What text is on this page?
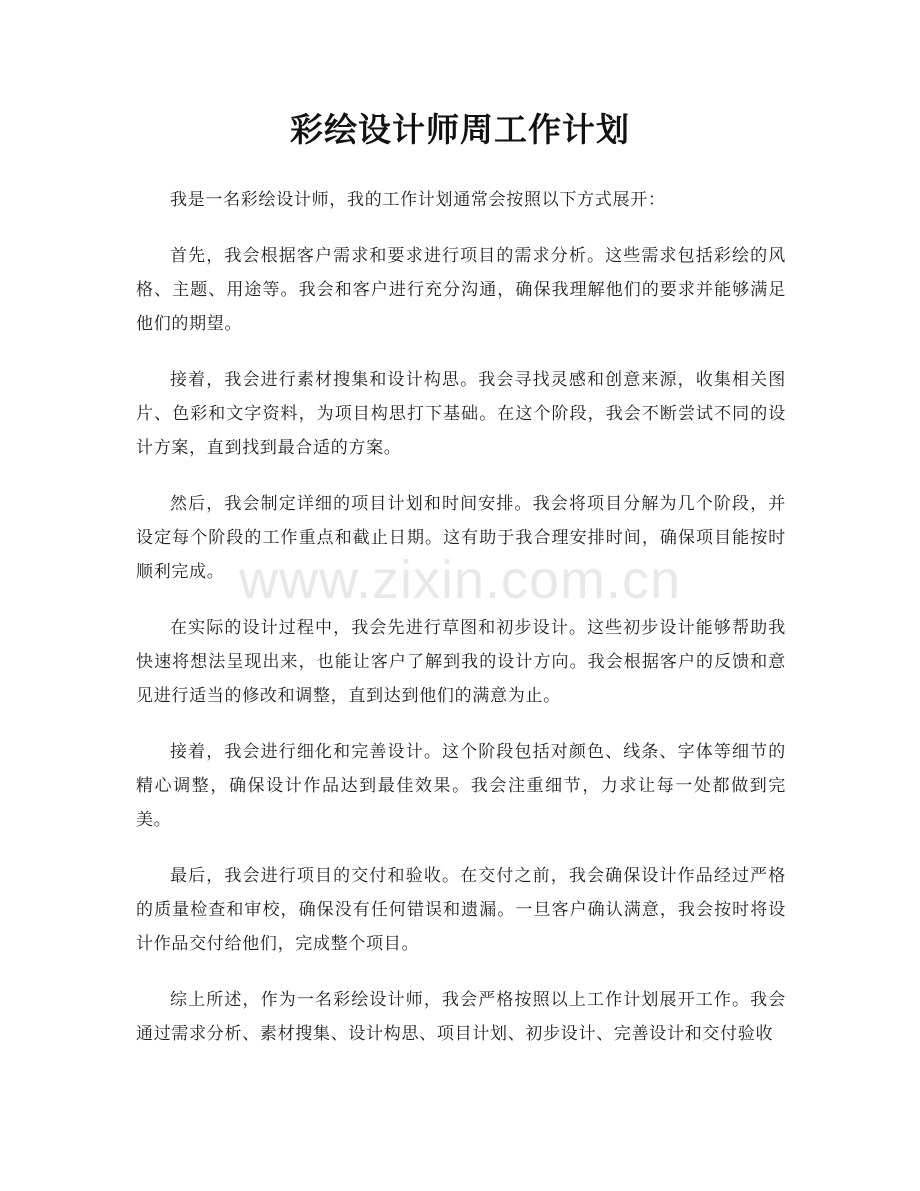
彩绘设计师周工作计划

我是一名彩绘设计师，我的工作计划通常会按照以下方式展开：

首先，我会根据客户需求和要求进行项目的需求分析。这些需求包括彩绘的风格、主题、用途等。我会和客户进行充分沟通，确保我理解他们的要求并能够满足他们的期望。

接着，我会进行素材搜集和设计构思。我会寻找灵感和创意来源，收集相关图片、色彩和文字资料，为项目构思打下基础。在这个阶段，我会不断尝试不同的设计方案，直到找到最合适的方案。

然后，我会制定详细的项目计划和时间安排。我会将项目分解为几个阶段，并设定每个阶段的工作重点和截止日期。这有助于我合理安排时间，确保项目能按时顺利完成。

在实际的设计过程中，我会先进行草图和初步设计。这些初步设计能够帮助我快速将想法呈现出来，也能让客户了解到我的设计方向。我会根据客户的反馈和意见进行适当的修改和调整，直到达到他们的满意为止。

接着，我会进行细化和完善设计。这个阶段包括对颜色、线条、字体等细节的精心调整，确保设计作品达到最佳效果。我会注重细节，力求让每一处都做到完美。

最后，我会进行项目的交付和验收。在交付之前，我会确保设计作品经过严格的质量检查和审校，确保没有任何错误和遗漏。一旦客户确认满意，我会按时将设计作品交付给他们，完成整个项目。

综上所述，作为一名彩绘设计师，我会严格按照以上工作计划展开工作。我会通过需求分析、素材搜集、设计构思、项目计划、初步设计、完善设计和交付验收

www.zixin.com.cn
